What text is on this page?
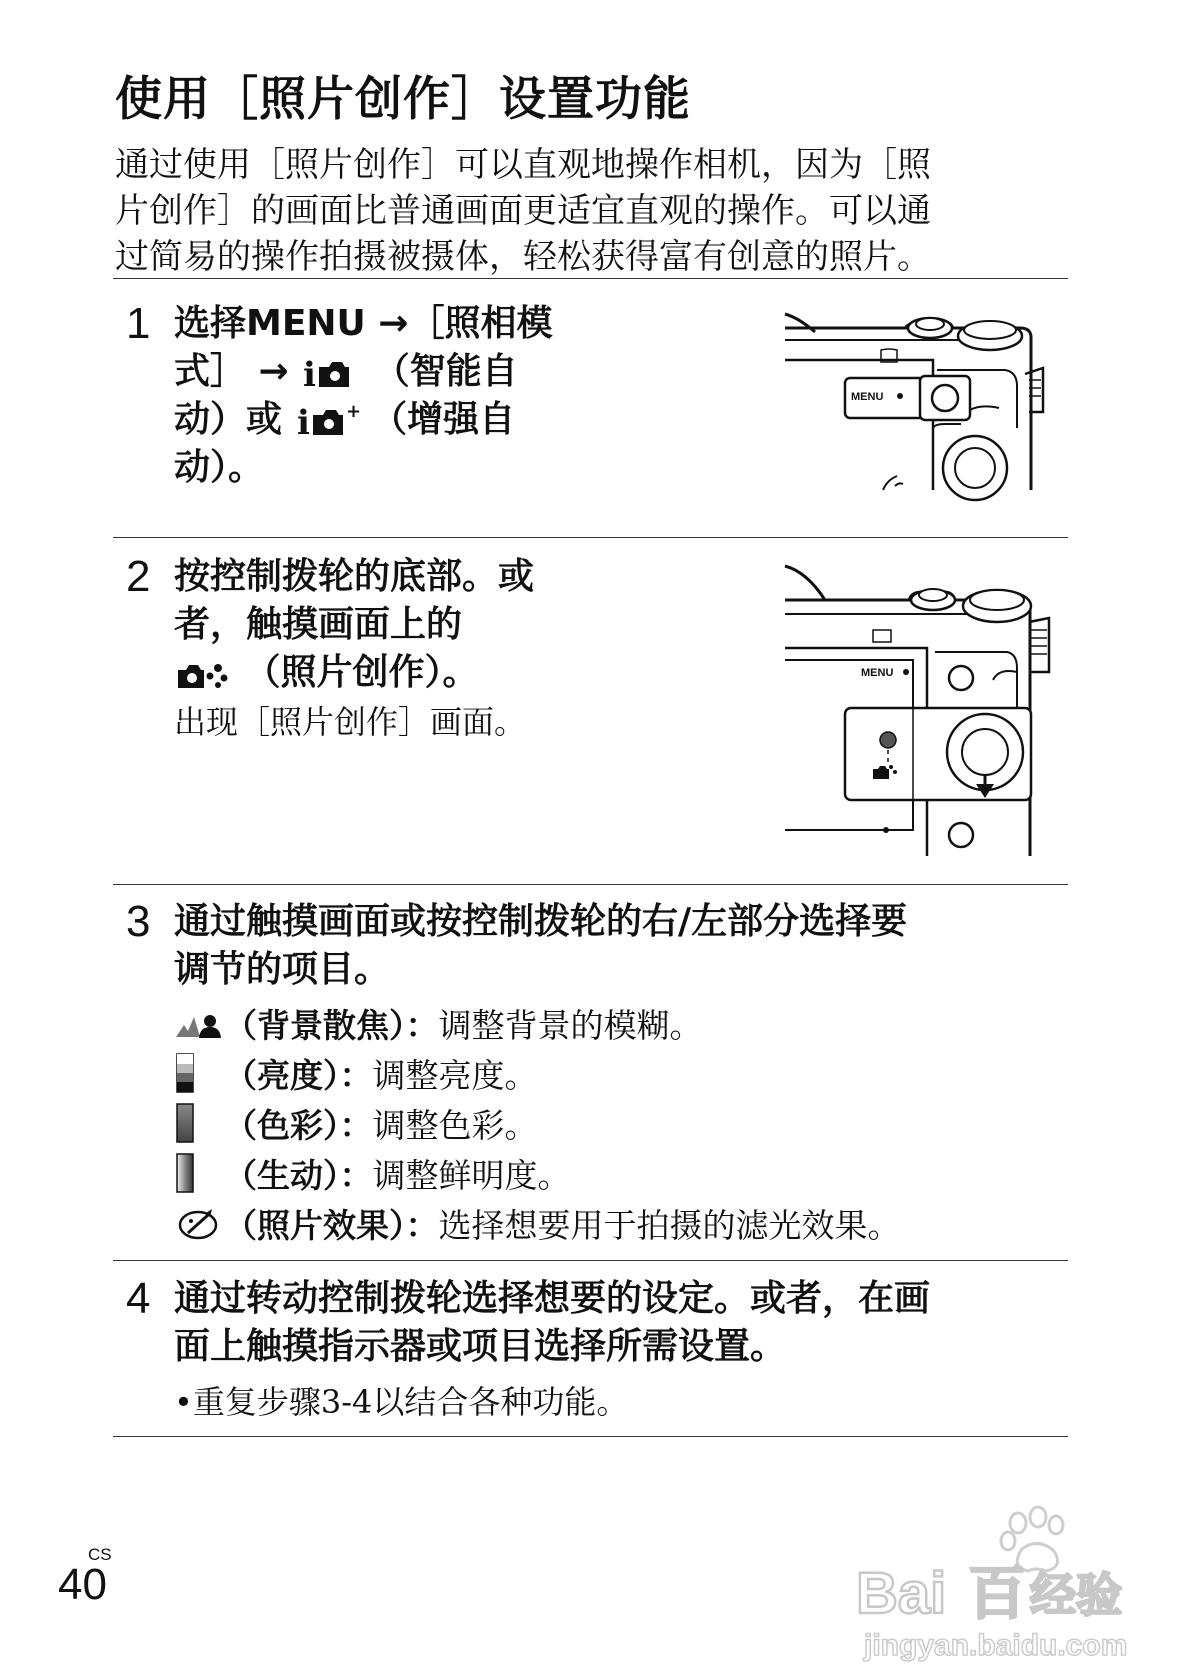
使用［照片创作］设置功能
通过使用［照片创作］可以直观地操作相机，因为［照
片创作］的画面比普通画面更适宜直观的操作。可以通
过简易的操作拍摄被摄体，轻松获得富有创意的照片。
1 选择MENU →［照相模
式］ → i （智能自
动）或 i + （增强自
动）。
MENU
2 按控制拨轮的底部。或
者，触摸画面上的
（照片创作）。
出现［照片创作］画面。
MENU
3 通过触摸画面或按控制拨轮的右/左部分选择要
调节的项目。
（背景散焦）： 调整背景的模糊。
（亮度）： 调整亮度。
（色彩）： 调整色彩。
（生动）： 调整鲜明度。
（照片效果）： 选择想要用于拍摄的滤光效果。
4 通过转动控制拨轮选择想要的设定。或者，在画
面上触摸指示器或项目选择所需设置。
•重复步骤3-4以结合各种功能。
CS
40	Bai 百 经验
jingyan.baidu.com
